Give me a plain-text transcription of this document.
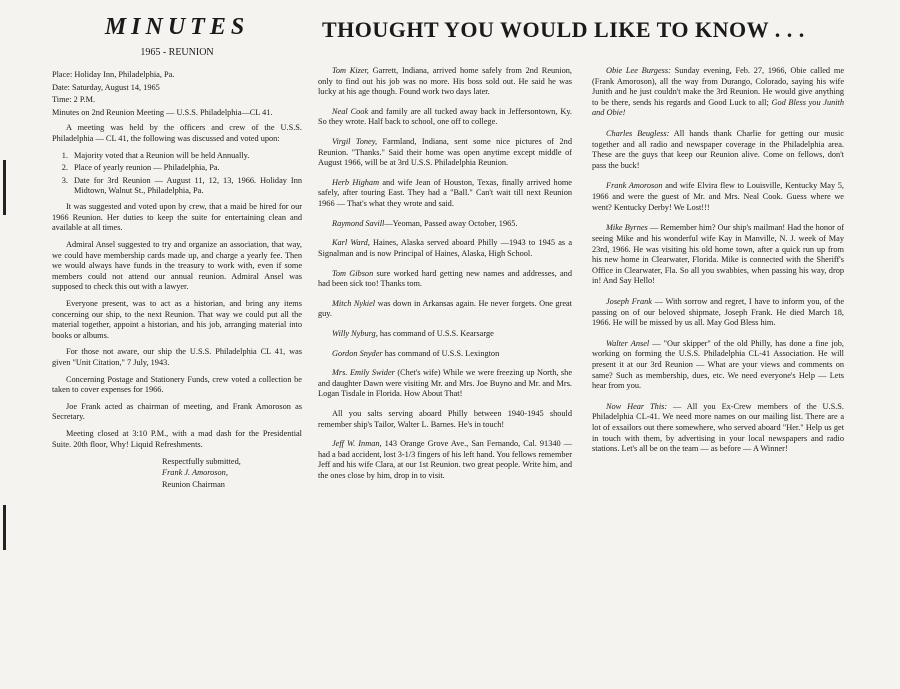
MINUTES
1965 - REUNION
THOUGHT YOU WOULD LIKE TO KNOW . . .
Place: Holiday Inn, Philadelphia, Pa.
Date: Saturday, August 14, 1965
Time: 2 P.M.
Minutes on 2nd Reunion Meeting — U.S.S. Philadelphia—CL 41.

A meeting was held by the officers and crew of the U.S.S. Philadelphia — CL 41, the following was discussed and voted upon:

1. Majority voted that a Reunion will be held Annually.
2. Place of yearly reunion — Philadelphia, Pa.
3. Date for 3rd Reunion — August 11, 12, 13, 1966. Holiday Inn Midtown, Walnut St., Philadelphia, Pa.

It was suggested and voted upon by crew, that a maid be hired for our 1966 Reunion. Her duties to keep the suite for entertaining clean and available at all times.

Admiral Ansel suggested to try and organize an association, that way, we could have membership cards made up, and charge a yearly fee. Then we would always have funds in the treasury to work with, even if some members could not attend our annual reunion. Admiral Ansel was supposed to check this out with a lawyer.

Everyone present, was to act as a historian, and bring any items concerning our ship, to the next Reunion. That way we could put all the material together, appoint a historian, and his job, arranging material into books or albums.

For those not aware, our ship the U.S.S. Philadelphia CL 41, was given "Unit Citation," 7 July, 1943.

Concerning Postage and Stationery Funds, crew voted a collection be taken to cover expenses for 1966.

Joe Frank acted as chairman of meeting, and Frank Amoroson as Secretary.

Meeting closed at 3:10 P.M., with a mad dash for the Presidential Suite. 20th floor, Why! Liquid Refreshments.

Respectfully submitted,
Frank J. Amoroson,
Reunion Chairman

Tom Kizer, Garrett, Indiana, arrived home safely from 2nd Reunion, only to find out his job was no more. His boss sold out. He said he was lucky at his age though. Found work two days later.

Neal Cook and family are all tucked away back in Jeffersontown, Ky. So they wrote. Half back to school, one off to college.

Virgil Toney, Farmland, Indiana, sent some nice pictures of 2nd Reunion. "Thanks." Said their home was open anytime except middle of August 1966, will be at 3rd U.S.S. Philadelphia Reunion.

Herb Higham and wife Jean of Houston, Texas, finally arrived home safely, after touring East. They had a "Ball." Can't wait till next Reunion 1966 — That's what they wrote and said.

Raymond Savill—Yeoman, Passed away October, 1965.

Karl Ward, Haines, Alaska served aboard Philly —1943 to 1945 as a Signalman and is now Principal of Haines, Alaska, High School.

Tom Gibson sure worked hard getting new names and addresses, and had been sick too! Thanks tom.

Mitch Nykiel was down in Arkansas again. He never forgets. One great guy.

Willy Nyburg, has command of U.S.S. Kearsarge

Gordon Snyder has command of U.S.S. Lexington

Mrs. Emily Swider (Chet's wife) While we were freezing up North, she and daughter Dawn were visiting Mr. and Mrs. Joe Buyno and Mr. and Mrs. Logan Tisdale in Florida. How About That!

All you salts serving aboard Philly between 1940-1945 should remember ship's Tailor, Walter L. Barnes. He's in touch!

Jeff W. Inman, 143 Orange Grove Ave., San Fernando, Cal. 91340 — had a bad accident, lost 3-1/3 fingers of his left hand. You fellows remember Jeff and his wife Clara, at our 1st Reunion. two great people. Write him, and the ones close by him, drop in to visit.

Obie Lee Burgess: Sunday evening, Feb. 27, 1966, Obie called me (Frank Amoroson), all the way from Durango, Colorado, saying his wife Junith and he just couldn't make the 3rd Reunion. He would give anything to be there, sends his regards and Good Luck to all; God Bless you Junith and Obie!

Charles Beugless: All hands thank Charlie for getting our music together and all radio and newspaper coverage in the Philadelphia area. These are the guys that keep our Reunion alive. Come on fellows, don't pass the buck!

Frank Amoroson and wife Elvira flew to Louisville, Kentucky May 5, 1966 and were the guest of Mr. and Mrs. Neal Cook. Guess where we went? Kentucky Derby! We Lost!!!

Mike Byrnes — Remember him? Our ship's mailman! Had the honor of seeing Mike and his wonderful wife Kay in Manville, N. J. week of May 23rd, 1966. He was visiting his old home town, after a quick run up from his new home in Clearwater, Florida. Mike is connected with the Sheriff's Office in Clearwater, Fla. So all you swabbies, when passing his way, drop in! And Say Hello!

Joseph Frank — With sorrow and regret, I have to inform you, of the passing on of our beloved shipmate, Joseph Frank. He died March 18, 1966. He will be missed by us all. May God Bless him.

Walter Ansel — "Our skipper" of the old Philly, has done a fine job, working on forming the U.S.S. Philadelphia CL-41 Association. He will present it at our 3rd Reunion — What are your views and comments on same? Such as membership, dues, etc. We need everyone's Help — Lets hear from you.

Now Hear This: — All you Ex-Crew members of the U.S.S. Philadelphia CL-41. We need more names on our mailing list. There are a lot of exsailors out there somewhere, who served aboard "Her." Help us get in touch with them, by advertising in your local newspapers and radio stations. Let's all be on the team — as before — A Winner!
